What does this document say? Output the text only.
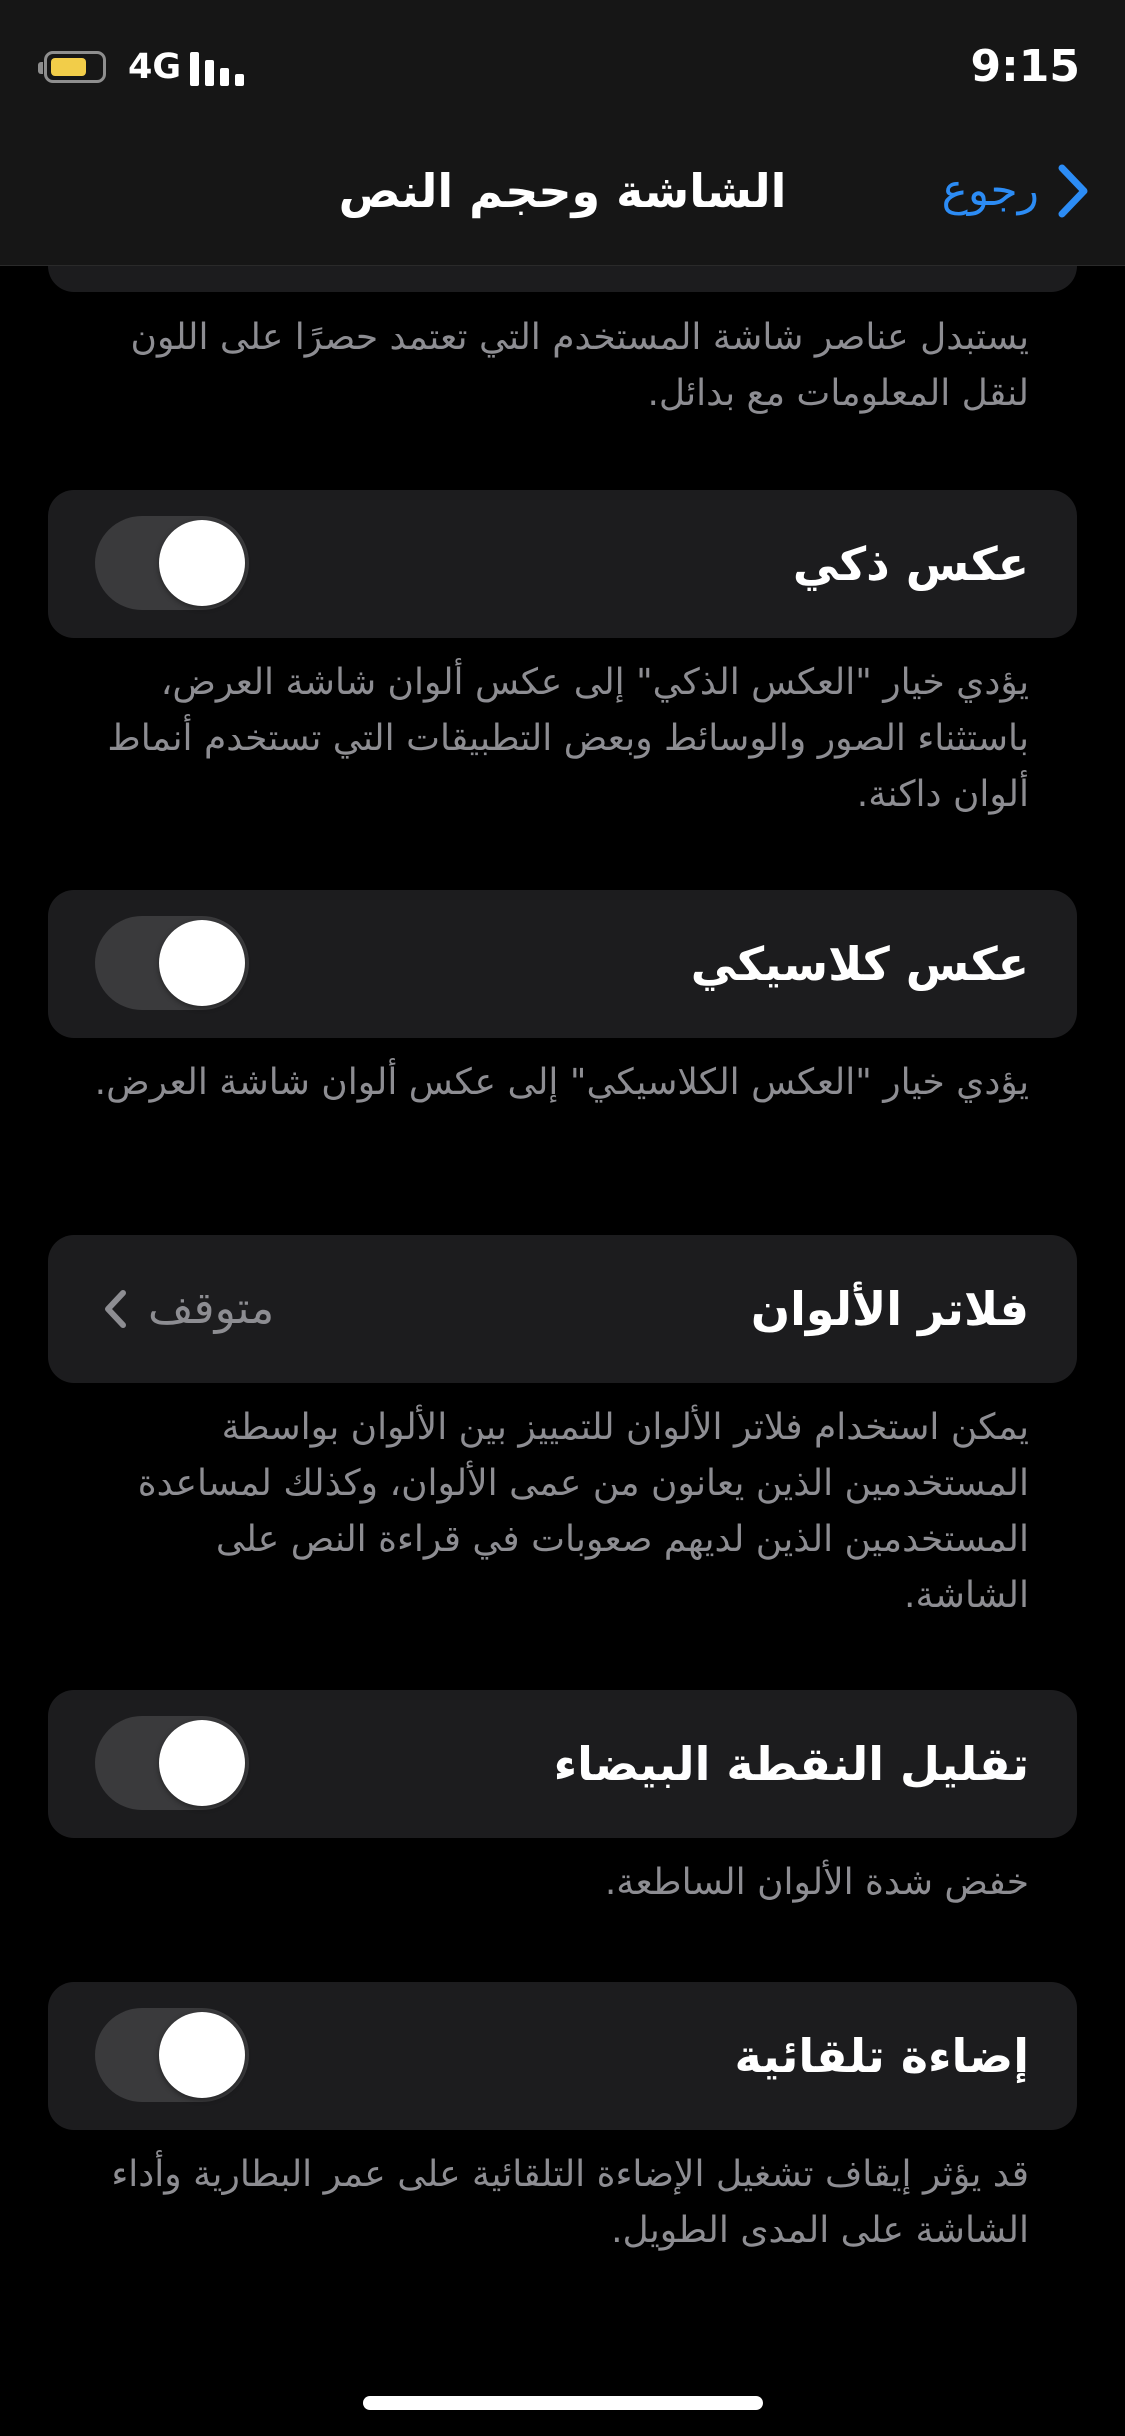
4G	9:15
الشاشة وحجم النص	رجوع
يستبدل عناصر شاشة المستخدم التي تعتمد حصرًا على اللون لنقل المعلومات مع بدائل.
عكس ذكي
يؤدي خيار "العكس الذكي" إلى عكس ألوان شاشة العرض، باستثناء الصور والوسائط وبعض التطبيقات التي تستخدم أنماط ألوان داكنة.
عكس كلاسيكي
يؤدي خيار "العكس الكلاسيكي" إلى عكس ألوان شاشة العرض.
فلاتر الألوان
متوقف
يمكن استخدام فلاتر الألوان للتمييز بين الألوان بواسطة المستخدمين الذين يعانون من عمى الألوان، وكذلك لمساعدة المستخدمين الذين لديهم صعوبات في قراءة النص على الشاشة.
تقليل النقطة البيضاء
خفض شدة الألوان الساطعة.
إضاءة تلقائية
قد يؤثر إيقاف تشغيل الإضاءة التلقائية على عمر البطارية وأداء الشاشة على المدى الطويل.
